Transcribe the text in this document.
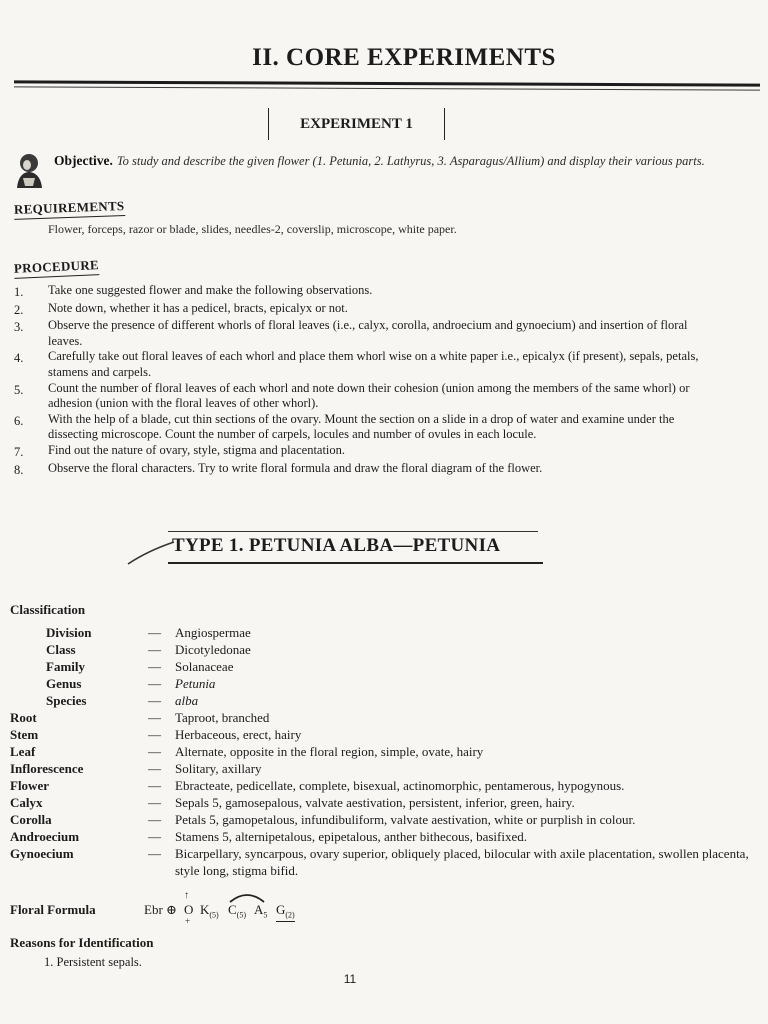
II. CORE EXPERIMENTS
EXPERIMENT 1
Objective. To study and describe the given flower (1. Petunia, 2. Lathyrus, 3. Asparagus/Allium) and display their various parts.
REQUIREMENTS
Flower, forceps, razor or blade, slides, needles-2, coverslip, microscope, white paper.
PROCEDURE
1.	Take one suggested flower and make the following observations.
2.	Note down, whether it has a pedicel, bracts, epicalyx or not.
3.	Observe the presence of different whorls of floral leaves (i.e., calyx, corolla, androecium and gynoecium) and insertion of floral leaves.
4.	Carefully take out floral leaves of each whorl and place them whorl wise on a white paper i.e., epicalyx (if present), sepals, petals, stamens and carpels.
5.	Count the number of floral leaves of each whorl and note down their cohesion (union among the members of the same whorl) or adhesion (union with the floral leaves of other whorl).
6.	With the help of a blade, cut thin sections of the ovary. Mount the section on a slide in a drop of water and examine under the dissecting microscope. Count the number of carpels, locules and number of ovules in each locule.
7.	Find out the nature of ovary, style, stigma and placentation.
8.	Observe the floral characters. Try to write floral formula and draw the floral diagram of the flower.
TYPE 1. PETUNIA ALBA—PETUNIA
Classification
Division	—	Angiospermae
Class	—	Dicotyledonae
Family	—	Solanaceae
Genus	—	Petunia
Species	—	alba
Root	—	Taproot, branched
Stem	—	Herbaceous, erect, hairy
Leaf	—	Alternate, opposite in the floral region, simple, ovate, hairy
Inflorescence	—	Solitary, axillary
Flower	—	Ebracteate, pedicellate, complete, bisexual, actinomorphic, pentamerous, hypogynous.
Calyx	—	Sepals 5, gamosepalous, valvate aestivation, persistent, inferior, green, hairy.
Corolla	—	Petals 5, gamopetalous, infundibuliform, valvate aestivation, white or purplish in colour.
Androecium	—	Stamens 5, alternipetalous, epipetalous, anther bithecous, basifixed.
Gynoecium	—	Bicarpellary, syncarpous, ovary superior, obliquely placed, bilocular with axile placentation, swollen placenta, style long, stigma bifid.
Floral Formula	Ebr ⊕
↑
O
+
$K_{(5)}$ $C_{(5)}$ $A_5$ $G_{(2)}$
Reasons for Identification
1. Persistent sepals.
11
